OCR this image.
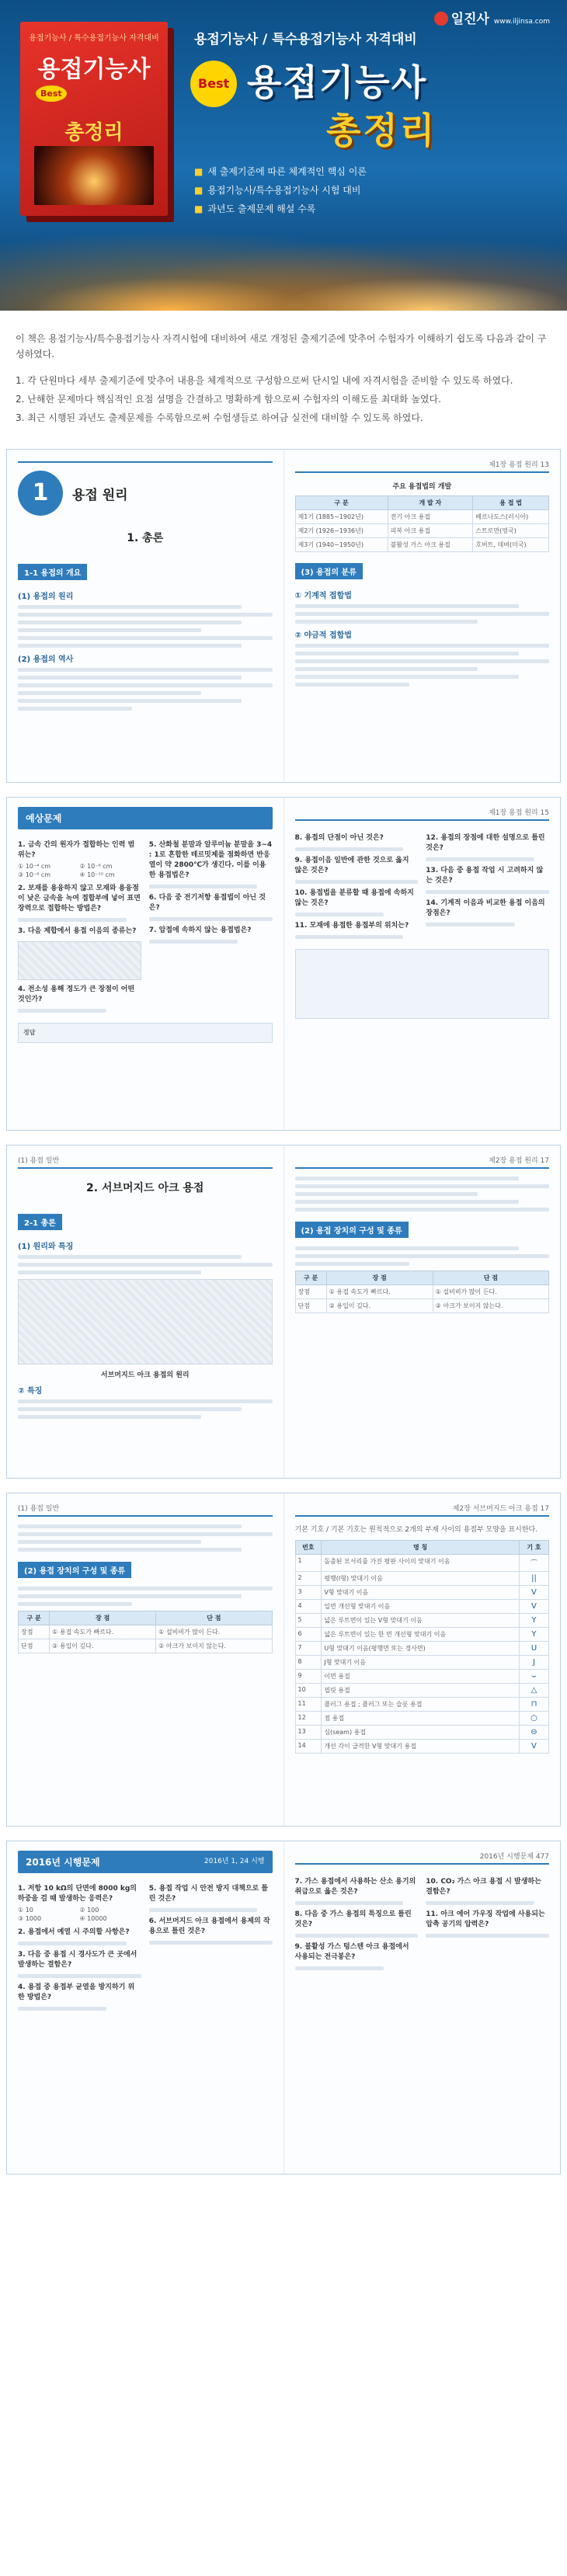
일진사 www.iljinsa.com
용접기능사 / 특수용접기능사 자격대비
용접기능사
Best
총정리
용접기능사 / 특수용접기능사 자격대비
Best 용접기능사
총정리
■ 새 출제기준에 따른 체계적인 핵심 이론
■ 용접기능사/특수용접기능사 시험 대비
■ 과년도 출제문제 해설 수록

이 책은 용접기능사/특수용접기능사 자격시험에 대비하여 새로 개정된 출제기준에 맞추어 수험자가 이해하기 쉽도록 다음과 같이 구성하였다.

1. 각 단원마다 세부 출제기준에 맞추어 내용을 체계적으로 구성함으로써 단시일 내에 자격시험을 준비할 수 있도록 하였다.
2. 난해한 문제마다 핵심적인 요점 설명을 간결하고 명확하게 함으로써 수험자의 이해도를 최대화 높였다.
3. 최근 시행된 과년도 출제문제를 수록함으로써 수험생들로 하여금 실전에 대비할 수 있도록 하였다.
1	용접 원리
1. 총론
1-1 용접의 개요
(1) 용접의 원리
(2) 용접의 역사
제1장 용접 원리 13
주요 용접법의 개발
구 분	개 발 자	용 접 법
제1기 (1885~1902년)	전기 아크 용접	베르나도스(러시아)
제2기 (1926~1936년)	피복 아크 용접	스트로만(영국)
제3기 (1940~1950년)	불활성 가스 아크 용접	호버트, 데버(미국)
(3) 용접의 분류
① 기계적 접합법
② 야금적 접합법
예상문제
1. 금속 간의 원자가 접합하는 인력 범위는?
① 10⁻⁴ cm	② 10⁻⁶ cm
③ 10⁻⁸ cm	④ 10⁻¹⁰ cm
2. 보재를 용융하지 않고 모재와 용융점이 낮은 금속을 녹여 접합부에 넣어 표면장력으로 접합하는 방법은?
3. 다음 제합에서 용접 이음의 종류는?
4. 전소성 용해 정도가 큰 장점이 어떤 것인가?
5. 산화철 분말과 알루미늄 분말을 3~4 : 1로 혼합한 테르밋제를 점화하면 반응열이 약 2800℃가 생긴다. 이를 이용한 용접법은?
6. 다음 중 전기저항 용접법이 아닌 것은?
7. 압접에 속하지 않는 용접법은?
정답
제1장 용접 원리 15
8. 용접의 단점이 아닌 것은?
9. 용접이음 일반에 관한 것으로 옳지 않은 것은?
10. 용접법을 분류할 때 용접에 속하지 않는 것은?
11. 모재에 용접한 용접부의 위치는?
12. 용접의 장점에 대한 설명으로 틀린 것은?
13. 다음 중 용접 작업 시 고려하지 않는 것은?
14. 기계적 이음과 비교한 용접 이음의 장점은?
(1) 용접 일반
2. 서브머지드 아크 용접
2-1 총론
(1) 원리와 특징
서브머지드 아크 용접의 원리
② 특징
제2장 용접 원리 17
(2) 용접 장치의 구성 및 종류
구 분	장 점	단 점
장점	① 용접 속도가 빠르다.	① 설비비가 많이 든다.
단점	② 용입이 깊다.	② 아크가 보이지 않는다.
(1) 용접 일반
(2) 용접 장치의 구성 및 종류
구 분	장 점	단 점
장점	① 용접 속도가 빠르다.	① 설비비가 많이 든다.
단점	② 용입이 깊다.	② 아크가 보이지 않는다.
제2장 서브머지드 아크 용접 17
기본 기호 / 기본 기호는 원칙적으로 2개의 부재 사이의 용접부 모양을 표시한다.
번호	명 칭	기 호
1	돌출된 모서리를 가진 평판 사이의 맞대기 이음	⌒
2	평행(I형) 맞대기 이음	||
3	V형 맞대기 이음	V
4	일면 개선형 맞대기 이음	V
5	넓은 루트면이 있는 V형 맞대기 이음	Y
6	넓은 루트면이 있는 한 면 개선형 맞대기 이음	Y
7	U형 맞대기 이음(평행면 또는 경사면)	U
8	J형 맞대기 이음	J
9	이면 용접	⌣
10	필릿 용접	△
11	플러그 용접 ; 플러그 또는 슬롯 용접	⊓
12	점 용접	○
13	심(seam) 용접	⊖
14	개선 각이 급격한 V형 맞대기 용접	V
2016년 시행문제	2016년 1, 24 시행
1. 저항 10 kΩ의 단면에 8000 kg의 하중을 걸 때 발생하는 응력은?
① 10	② 100
③ 1000	④ 10000
2. 용접에서 예열 시 주의할 사항은?
3. 다음 중 용접 시 경사도가 큰 곳에서 발생하는 결함은?
4. 용접 중 용접부 균열을 방지하기 위한 방법은?
5. 용접 작업 시 안전 방지 대책으로 틀린 것은?
6. 서브머지드 아크 용접에서 용제의 작용으로 틀린 것은?
2016년 시행문제 477
7. 가스 용접에서 사용하는 산소 용기의 취급으로 옳은 것은?
8. 다음 중 가스 용접의 특징으로 틀린 것은?
9. 불활성 가스 텅스텐 아크 용접에서 사용되는 전극봉은?
10. CO₂ 가스 아크 용접 시 발생하는 결함은?
11. 아크 에어 가우징 작업에 사용되는 압축 공기의 압력은?
